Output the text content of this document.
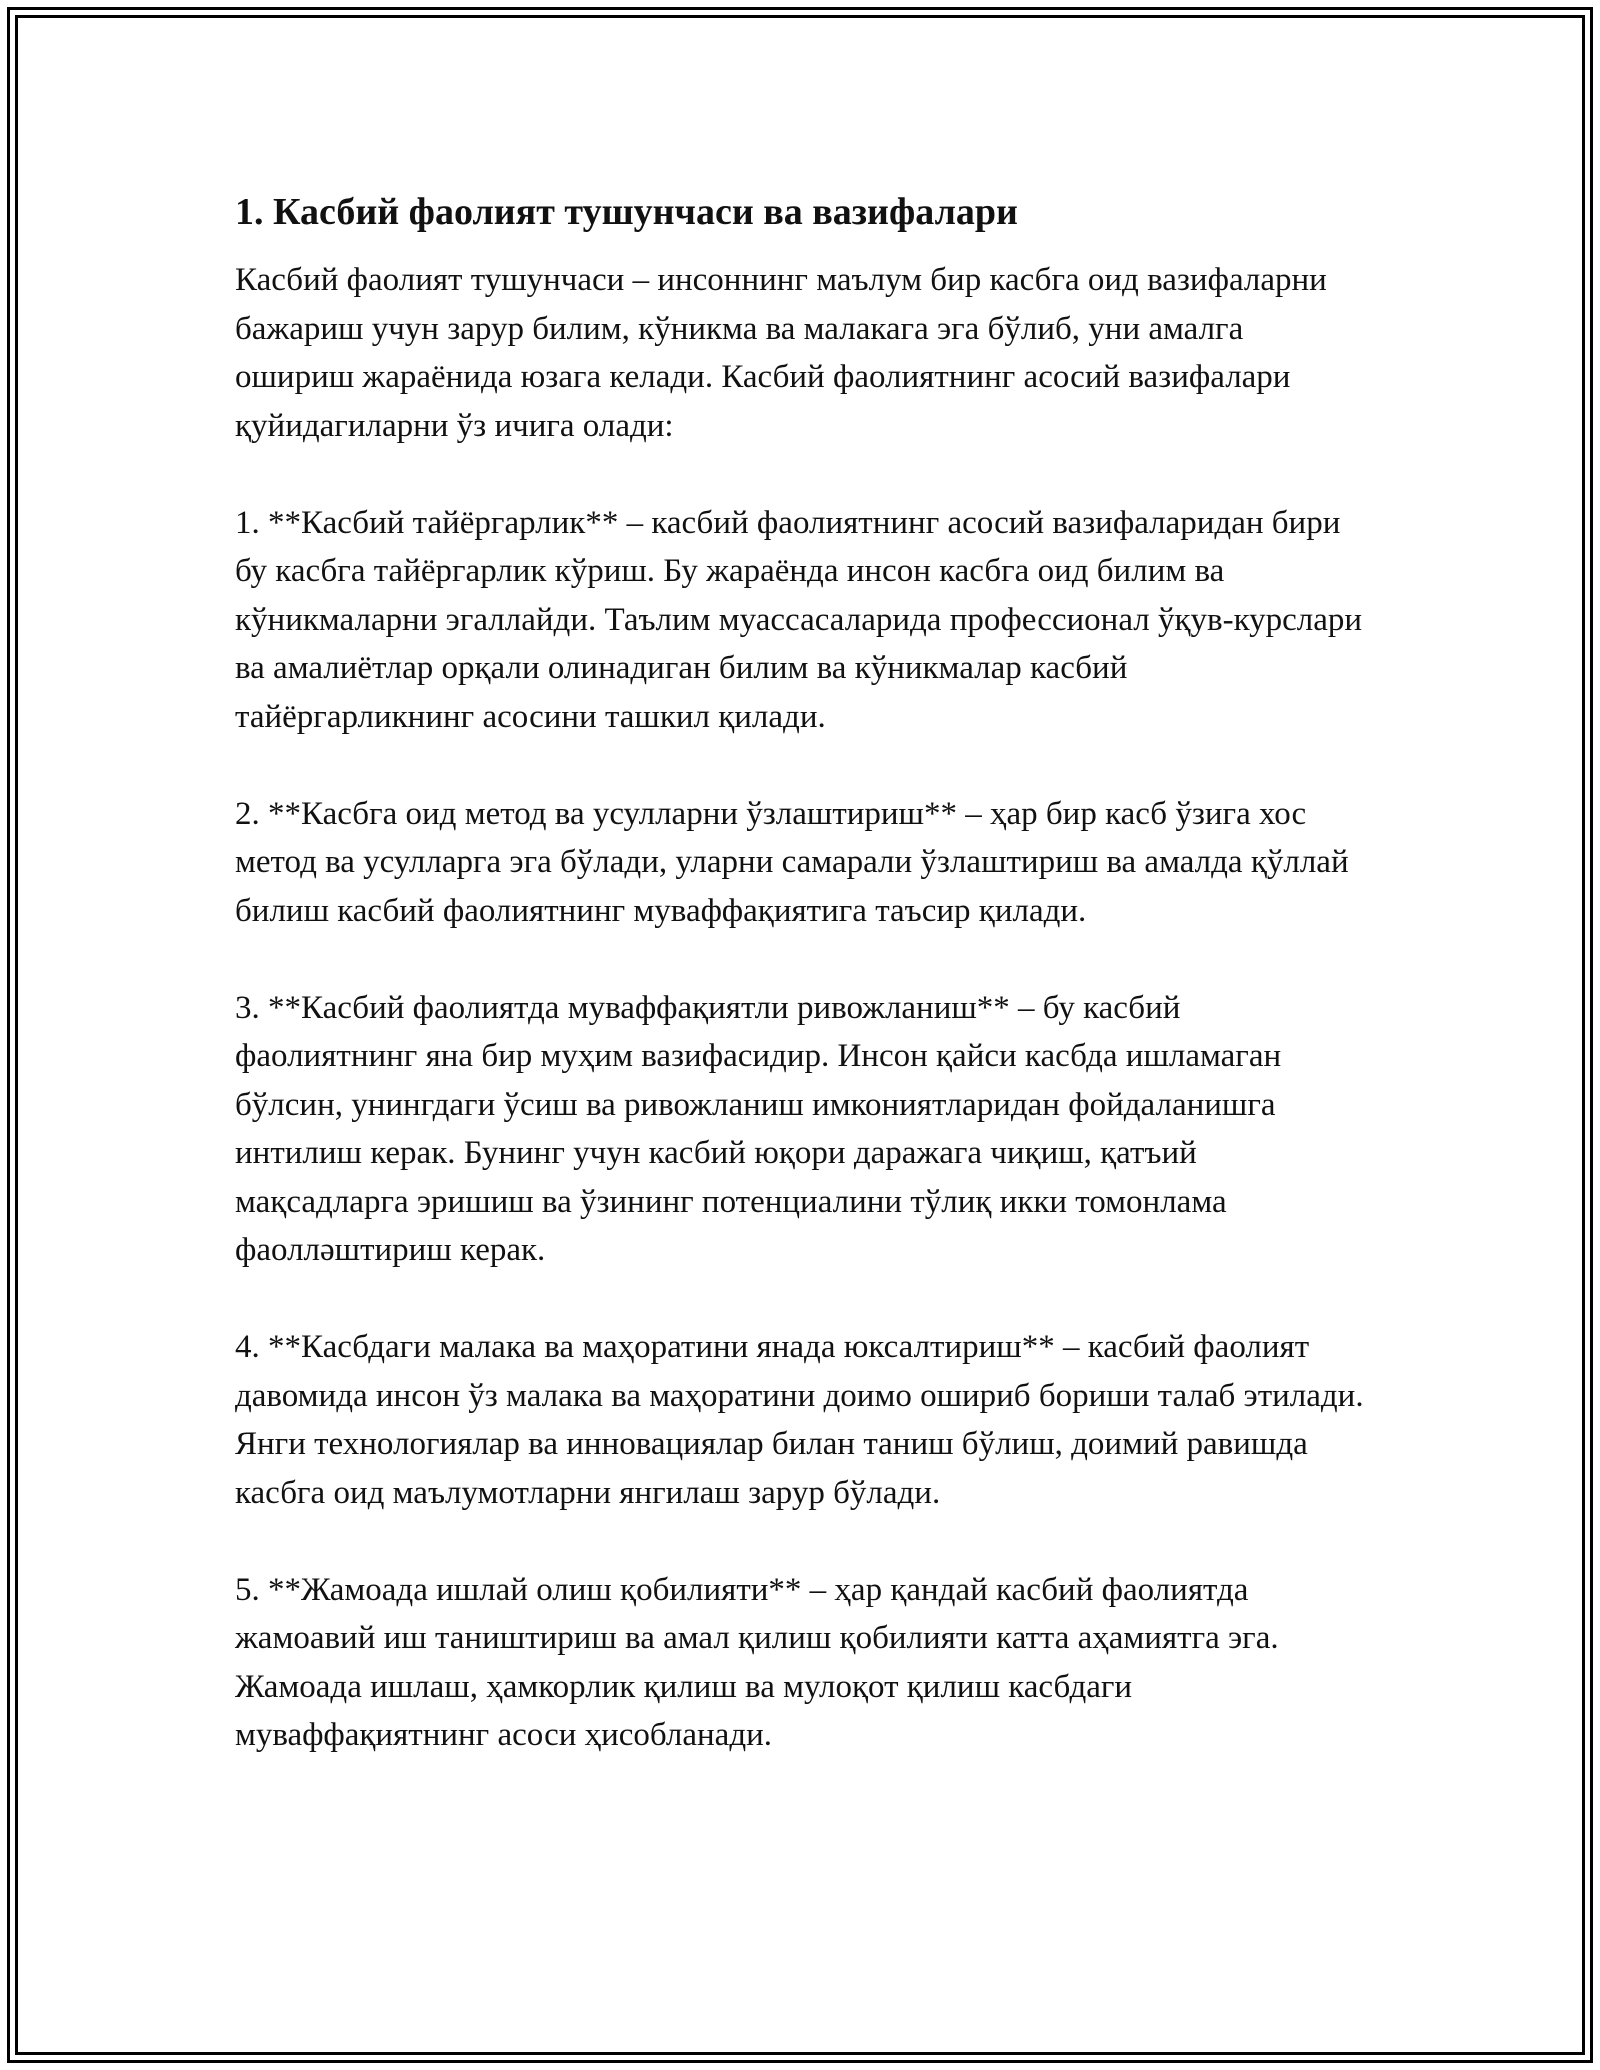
1. Касбий фаолият тушунчаси ва вазифалари

Касбий фаолият тушунчаси – инсоннинг маълум бир касбга оид вазифаларни бажариш учун зарур билим, кўникма ва малакага эга бўлиб, уни амалга ошириш жараёнида юзага келади. Касбий фаолиятнинг асосий вазифалари қуйидагиларни ўз ичига олади:

1. **Касбий тайёргарлик** – касбий фаолиятнинг асосий вазифаларидан бири бу касбга тайёргарлик кўриш. Бу жараёнда инсон касбга оид билим ва кўникмаларни эгаллайди. Таълим муассасаларида профессионал ўқув-курслари ва амалиётлар орқали олинадиган билим ва кўникмалар касбий тайёргарликнинг асосини ташкил қилади.

2. **Касбга оид метод ва усулларни ўзлаштириш** – ҳар бир касб ўзига хос метод ва усулларга эга бўлади, уларни самарали ўзлаштириш ва амалда қўллай билиш касбий фаолиятнинг муваффақиятига таъсир қилади.

3. **Касбий фаолиятда муваффақиятли ривожланиш** – бу касбий фаолиятнинг яна бир муҳим вазифасидир. Инсон қайси касбда ишламаган бўлсин, унингдаги ўсиш ва ривожланиш имкониятларидан фойдаланишга интилиш керак. Бунинг учун касбий юқори даражага чиқиш, қатъий мақсадларга эришиш ва ўзининг потенциалини тўлиқ икки томонлама фаолләштириш керак.

4. **Касбдаги малака ва маҳоратини янада юксалтириш** – касбий фаолият давомида инсон ўз малака ва маҳоратини доимо ошириб бориши талаб этилади. Янги технологиялар ва инновациялар билан таниш бўлиш, доимий равишда касбга оид маълумотларни янгилаш зарур бўлади.

5. **Жамоада ишлай олиш қобилияти** – ҳар қандай касбий фаолиятда жамоавий иш таништириш ва амал қилиш қобилияти катта аҳамиятга эга. Жамоада ишлаш, ҳамкорлик қилиш ва мулоқот қилиш касбдаги муваффақиятнинг асоси ҳисобланади.
